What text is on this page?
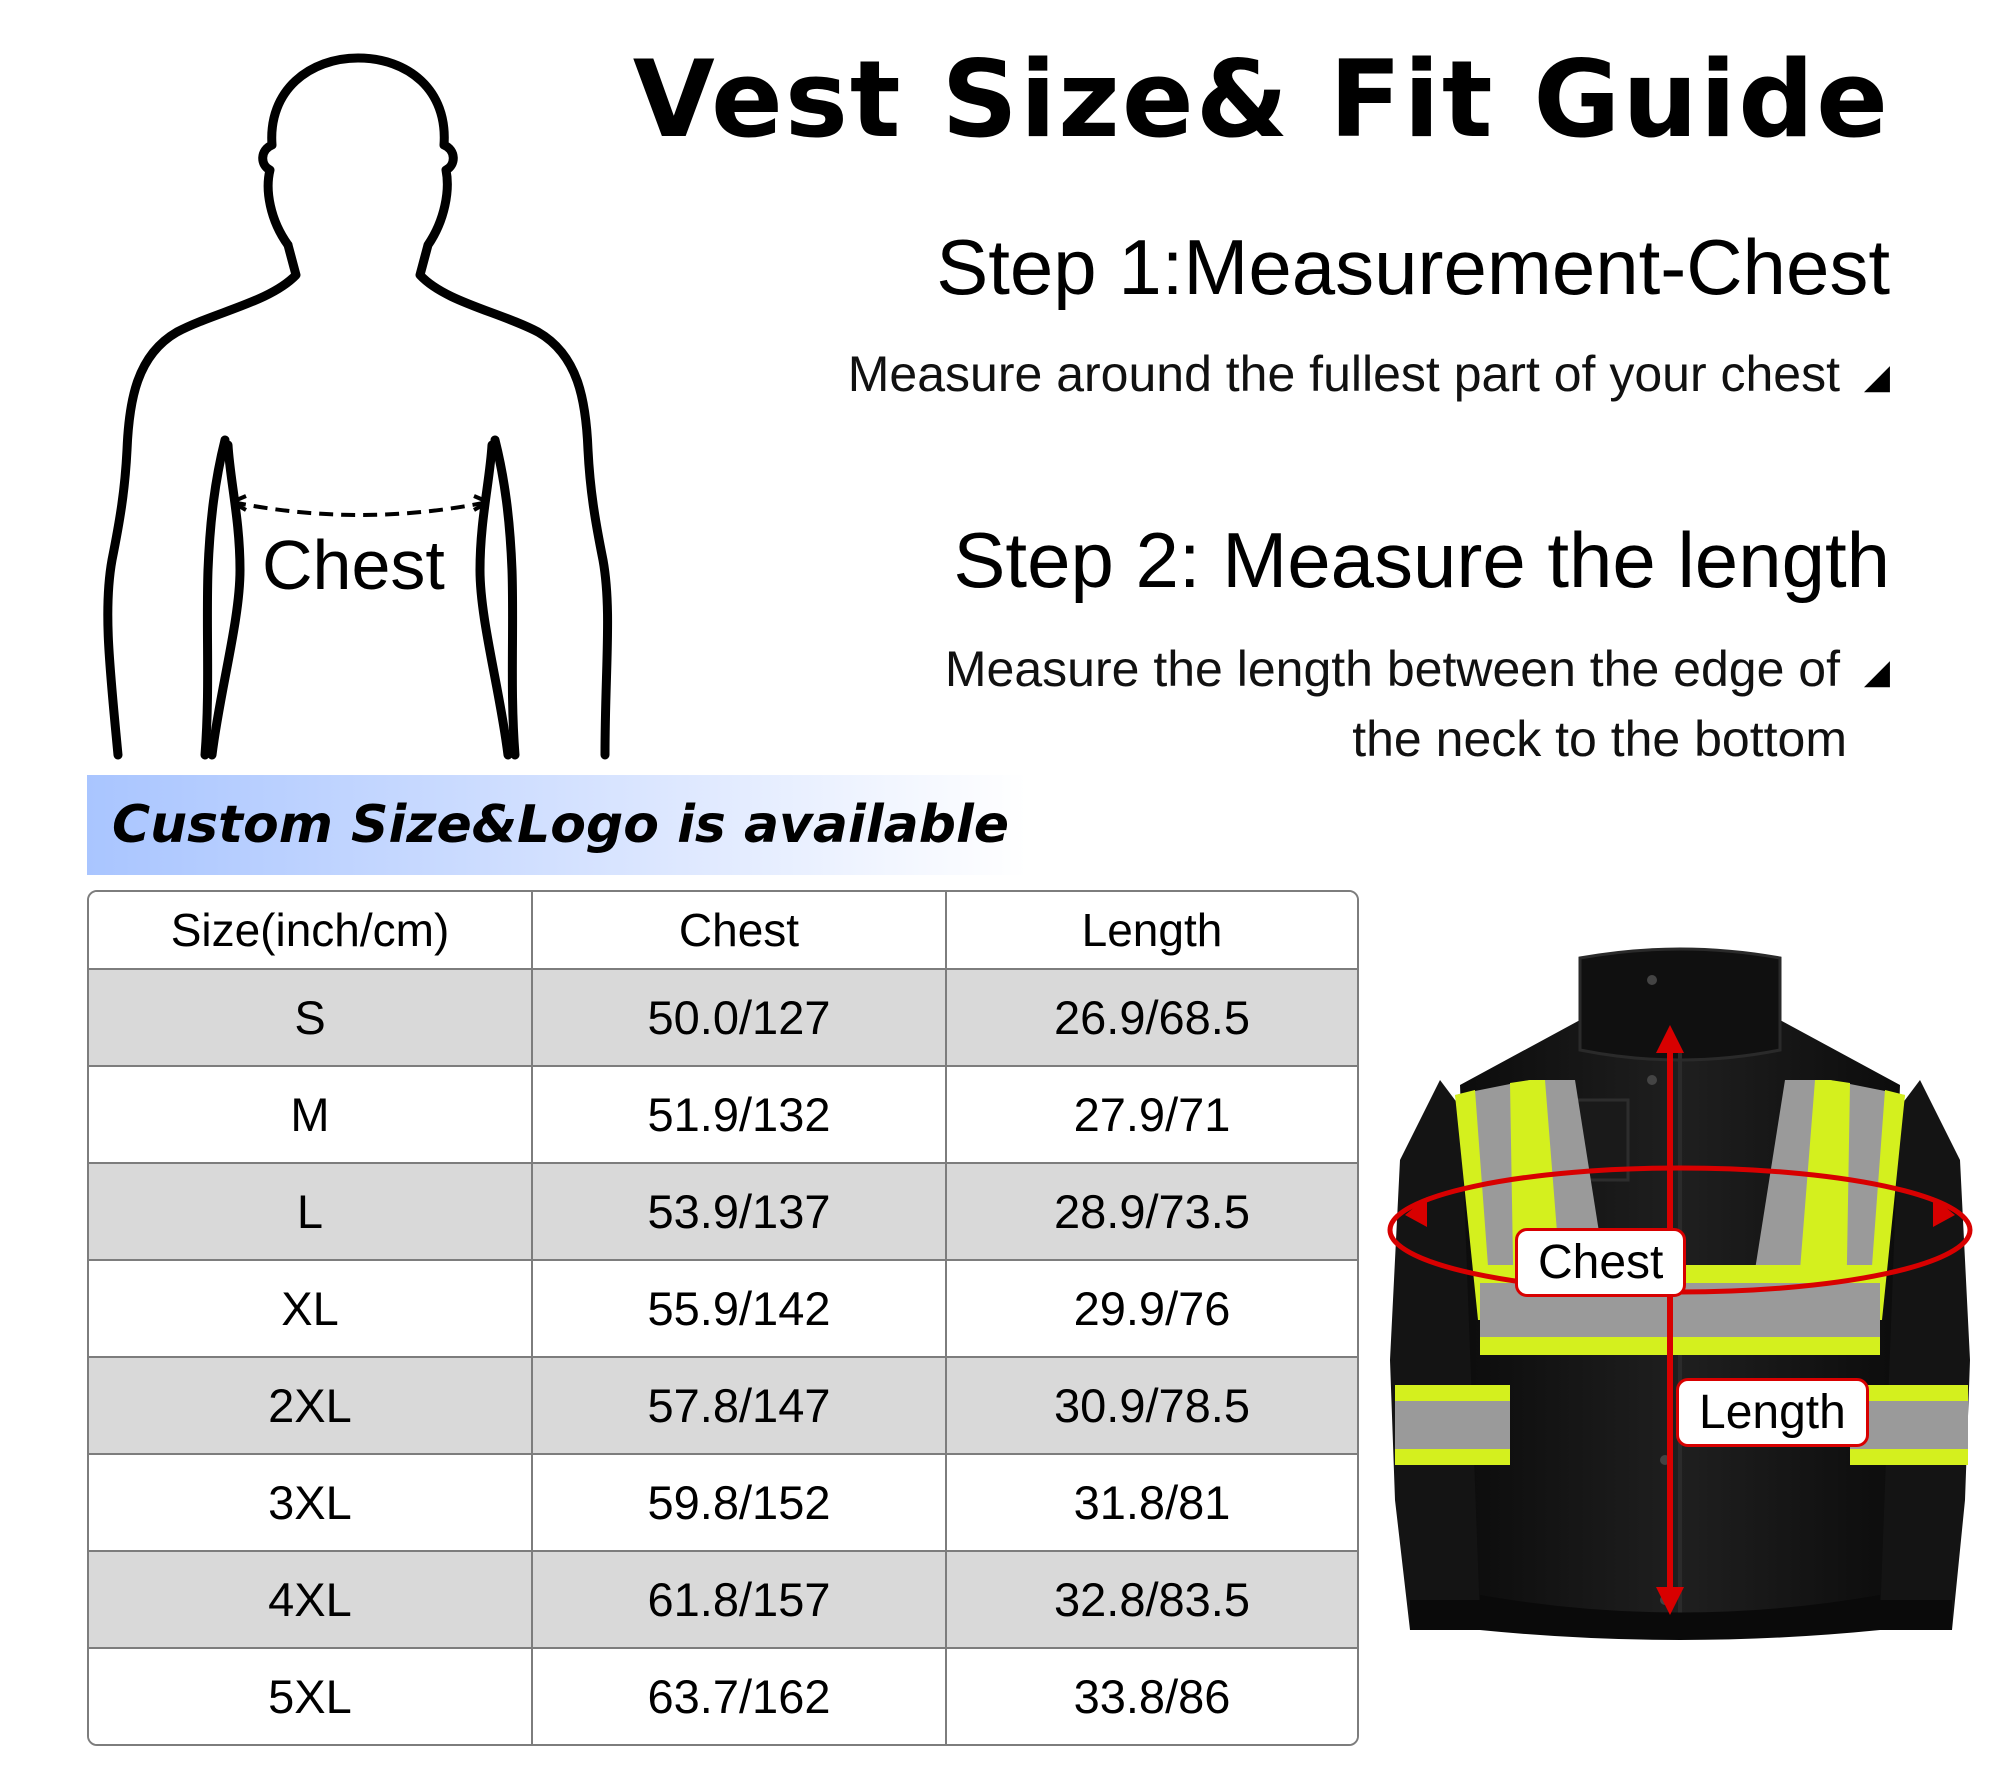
Vest Size& Fit Guide
Step 1:Measurement-Chest
Measure around the fullest part of your chest ◢
Step 2: Measure the length
Measure the length between the edge of ◢
the neck to the bottom
Chest
Custom Size&Logo is available
Size(inch/cm)	Chest	Length
S	50.0/127	26.9/68.5
M	51.9/132	27.9/71
L	53.9/137	28.9/73.5
XL	55.9/142	29.9/76
2XL	57.8/147	30.9/78.5
3XL	59.8/152	31.8/81
4XL	61.8/157	32.8/83.5
5XL	63.7/162	33.8/86
Chest
Length
